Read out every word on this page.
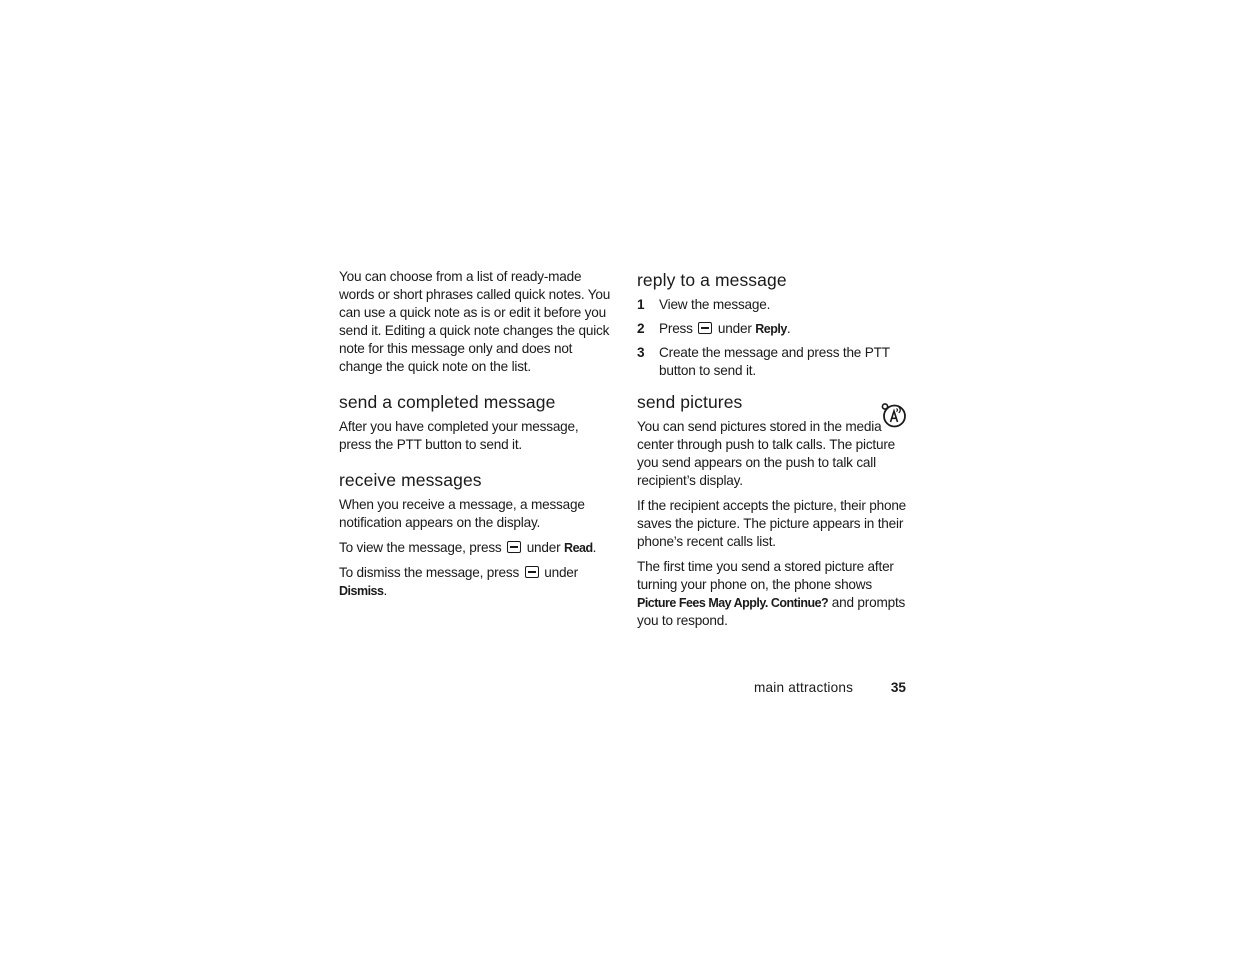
You can choose from a list of ready-made words or short phrases called quick notes. You can use a quick note as is or edit it before you send it. Editing a quick note changes the quick note for this message only and does not change the quick note on the list.

send a completed message

After you have completed your message, press the PTT button to send it.

receive messages

When you receive a message, a message notification appears on the display.

To view the message, press under Read.

To dismiss the message, press under Dismiss.

reply to a message
1 View the message.
2 Press under Reply.
3 Create the message and press the PTT button to send it.
send pictures

You can send pictures stored in the media center through push to talk calls. The picture you send appears on the push to talk call recipient’s display.

If the recipient accepts the picture, their phone saves the picture. The picture appears in their phone’s recent calls list.

The first time you send a stored picture after turning your phone on, the phone shows Picture Fees May Apply. Continue? and prompts you to respond.

main attractions	35
